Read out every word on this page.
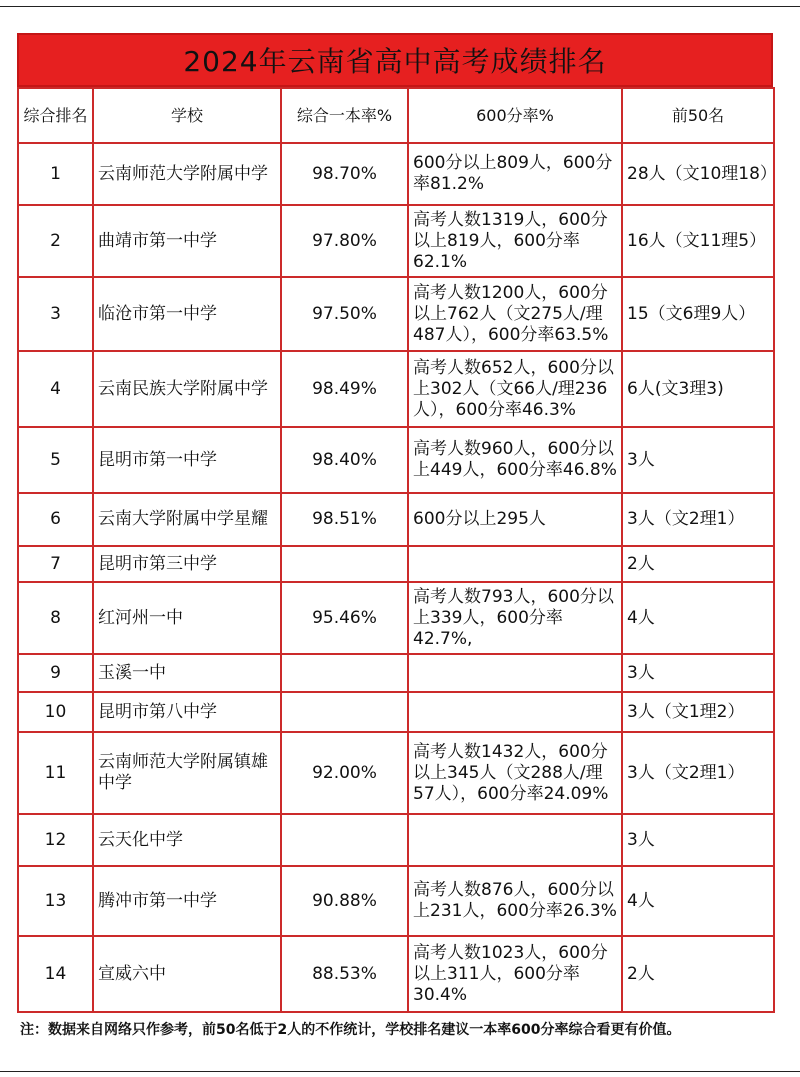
2024年云南省高中高考成绩排名
综合排名	学校	综合一本率%	600分率%	前50名
1	云南师范大学附属中学	98.70%	600分以上809人，600分率81.2%	28人（文10理18）
2	曲靖市第一中学	97.80%	高考人数1319人，600分以上819人，600分率62.1%	16人（文11理5）
3	临沧市第一中学	97.50%	高考人数1200人，600分以上762人（文275人/理487人），600分率63.5%	15（文6理9人）
4	云南民族大学附属中学	98.49%	高考人数652人，600分以上302人（文66人/理236人），600分率46.3%	6人(文3理3)
5	昆明市第一中学	98.40%	高考人数960人，600分以上449人，600分率46.8%	3人
6	云南大学附属中学星耀	98.51%	600分以上295人	3人（文2理1）
7	昆明市第三中学			2人
8	红河州一中	95.46%	高考人数793人，600分以上339人，600分率42.7%,	4人
9	玉溪一中			3人
10	昆明市第八中学			3人（文1理2）
11	云南师范大学附属镇雄中学	92.00%	高考人数1432人，600分以上345人（文288人/理57人），600分率24.09%	3人（文2理1）
12	云天化中学			3人
13	腾冲市第一中学	90.88%	高考人数876人，600分以上231人，600分率26.3%	4人
14	宣威六中	88.53%	高考人数1023人，600分以上311人，600分率30.4%	2人
注：数据来自网络只作参考，前50名低于2人的不作统计，学校排名建议一本率600分率综合看更有价值。
